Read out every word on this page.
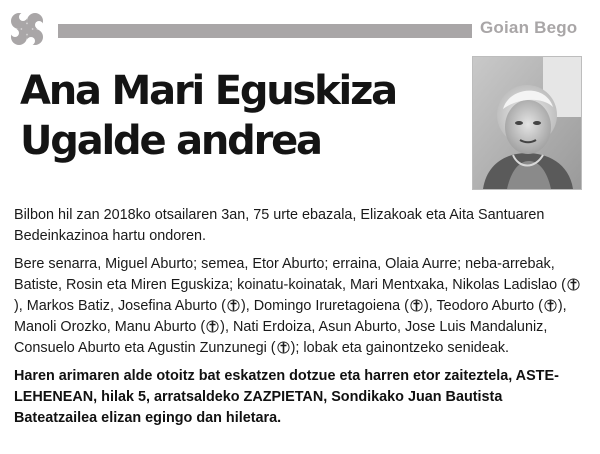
Goian Bego
Ana Mari Eguskiza
Ugalde andrea

Bilbon hil zan 2018ko otsailaren 3an, 75 urte ebazala, Elizakoak eta Aita Santuaren Bedeinkazinoa hartu ondoren.

Bere senarra, Miguel Aburto; semea, Etor Aburto; erraina, Olaia Aurre; neba-arrebak, Batiste, Rosin eta Miren Eguskiza; koinatu-koinatak, Mari Mentxaka, Nikolas Ladislao (
), Markos Batiz, Josefina Aburto ( ), Domingo Iruretagoiena ( ), Teodoro Aburto ( ), Manoli Orozko, Manu Aburto ( ), Nati Erdoiza, Asun Aburto, Jose Luis Mandaluniz, Consuelo Aburto eta Agustin Zunzunegi ( ); lobak eta gainontzeko senideak.

Haren arimaren alde otoitz bat eskatzen dotzue eta harren etor zaiteztela, ASTE-LEHENEAN, hilak 5, arratsaldeko ZAZPIETAN, Sondikako Juan Bautista Bateatzailea elizan egingo dan hiletara.
